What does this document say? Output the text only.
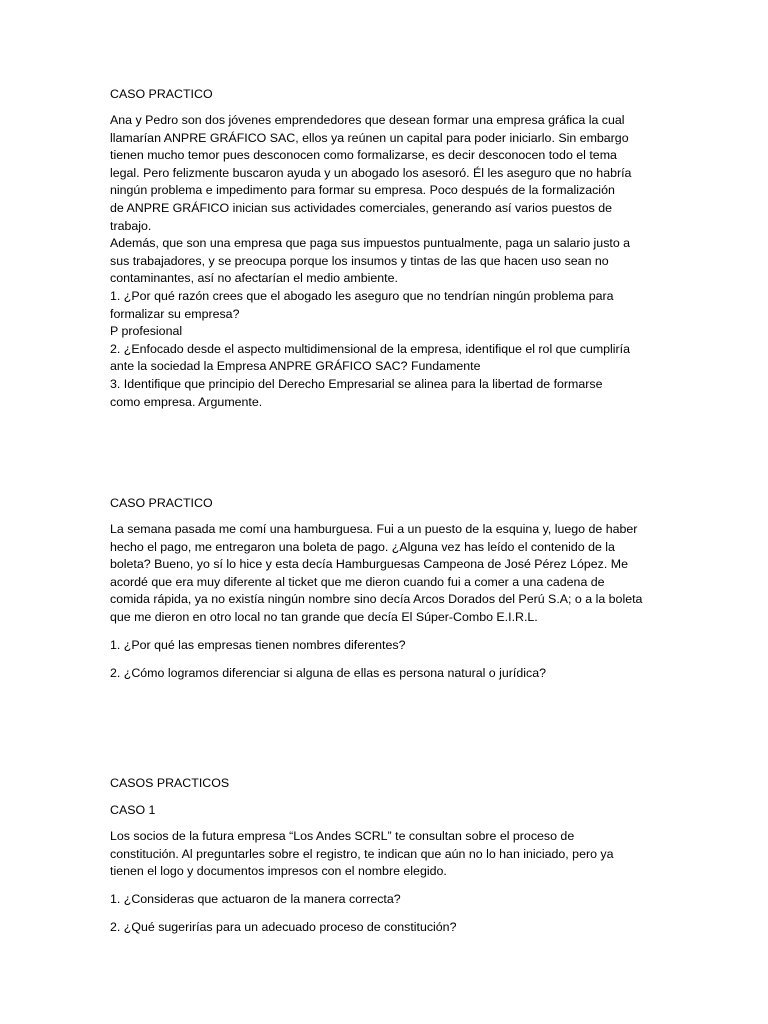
CASO PRACTICO
Ana y Pedro son dos jóvenes emprendedores que desean formar una empresa gráfica la cual
llamarían ANPRE GRÁFICO SAC, ellos ya reúnen un capital para poder iniciarlo. Sin embargo
tienen mucho temor pues desconocen como formalizarse, es decir desconocen todo el tema
legal. Pero felizmente buscaron ayuda y un abogado los asesoró. Él les aseguro que no habría
ningún problema e impedimento para formar su empresa. Poco después de la formalización
de ANPRE GRÁFICO inician sus actividades comerciales, generando así varios puestos de
trabajo.
Además, que son una empresa que paga sus impuestos puntualmente, paga un salario justo a
sus trabajadores, y se preocupa porque los insumos y tintas de las que hacen uso sean no
contaminantes, así no afectarían el medio ambiente.
1. ¿Por qué razón crees que el abogado les aseguro que no tendrían ningún problema para
formalizar su empresa?
P profesional
2. ¿Enfocado desde el aspecto multidimensional de la empresa, identifique el rol que cumpliría
ante la sociedad la Empresa ANPRE GRÁFICO SAC? Fundamente
3. Identifique que principio del Derecho Empresarial se alinea para la libertad de formarse
como empresa. Argumente.
CASO PRACTICO
La semana pasada me comí una hamburguesa. Fui a un puesto de la esquina y, luego de haber
hecho el pago, me entregaron una boleta de pago. ¿Alguna vez has leído el contenido de la
boleta? Bueno, yo sí lo hice y esta decía Hamburguesas Campeona de José Pérez López. Me
acordé que era muy diferente al ticket que me dieron cuando fui a comer a una cadena de
comida rápida, ya no existía ningún nombre sino decía Arcos Dorados del Perú S.A; o a la boleta
que me dieron en otro local no tan grande que decía El Súper-Combo E.I.R.L.
1. ¿Por qué las empresas tienen nombres diferentes?
2. ¿Cómo logramos diferenciar si alguna de ellas es persona natural o jurídica?
CASOS PRACTICOS
CASO 1
Los socios de la futura empresa “Los Andes SCRL” te consultan sobre el proceso de
constitución. Al preguntarles sobre el registro, te indican que aún no lo han iniciado, pero ya
tienen el logo y documentos impresos con el nombre elegido.
1. ¿Consideras que actuaron de la manera correcta?
2. ¿Qué sugerirías para un adecuado proceso de constitución?
